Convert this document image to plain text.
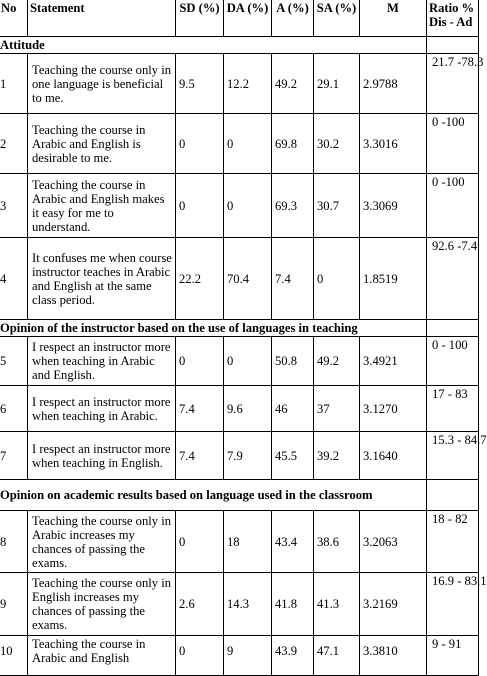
No	Statement	SD (%)	DA (%)	A (%)	SA (%)	M	Ratio % Dis - Ad
Attitude							
1	Teaching the course only in one language is beneficial to me.	9.5	12.2	49.2	29.1	2.9788	21.7 -78.3
2	Teaching the course in Arabic and English is desirable to me.	0	0	69.8	30.2	3.3016	0 -100
3	Teaching the course in Arabic and English makes it easy for me to understand.	0	0	69.3	30.7	3.3069	0 -100
4	It confuses me when course instructor teaches in Arabic and English at the same class period.	22.2	70.4	7.4	0	1.8519	92.6 -7.4
Opinion of the instructor based on the use of languages in teaching							
5	I respect an instructor more when teaching in Arabic and English.	0	0	50.8	49.2	3.4921	0 - 100
6	I respect an instructor more when teaching in Arabic.	7.4	9.6	46	37	3.1270	17 - 83
7	I respect an instructor more when teaching in English.	7.4	7.9	45.5	39.2	3.1640	15.3 - 84.7
Opinion on academic results based on language used in the classroom							
8	Teaching the course only in Arabic increases my chances of passing the exams.	0	18	43.4	38.6	3.2063	18 - 82
9	Teaching the course only in English increases my chances of passing the exams.	2.6	14.3	41.8	41.3	3.2169	16.9 - 83.1
10	Teaching the course in Arabic and English	0	9	43.9	47.1	3.3810	9 - 91
